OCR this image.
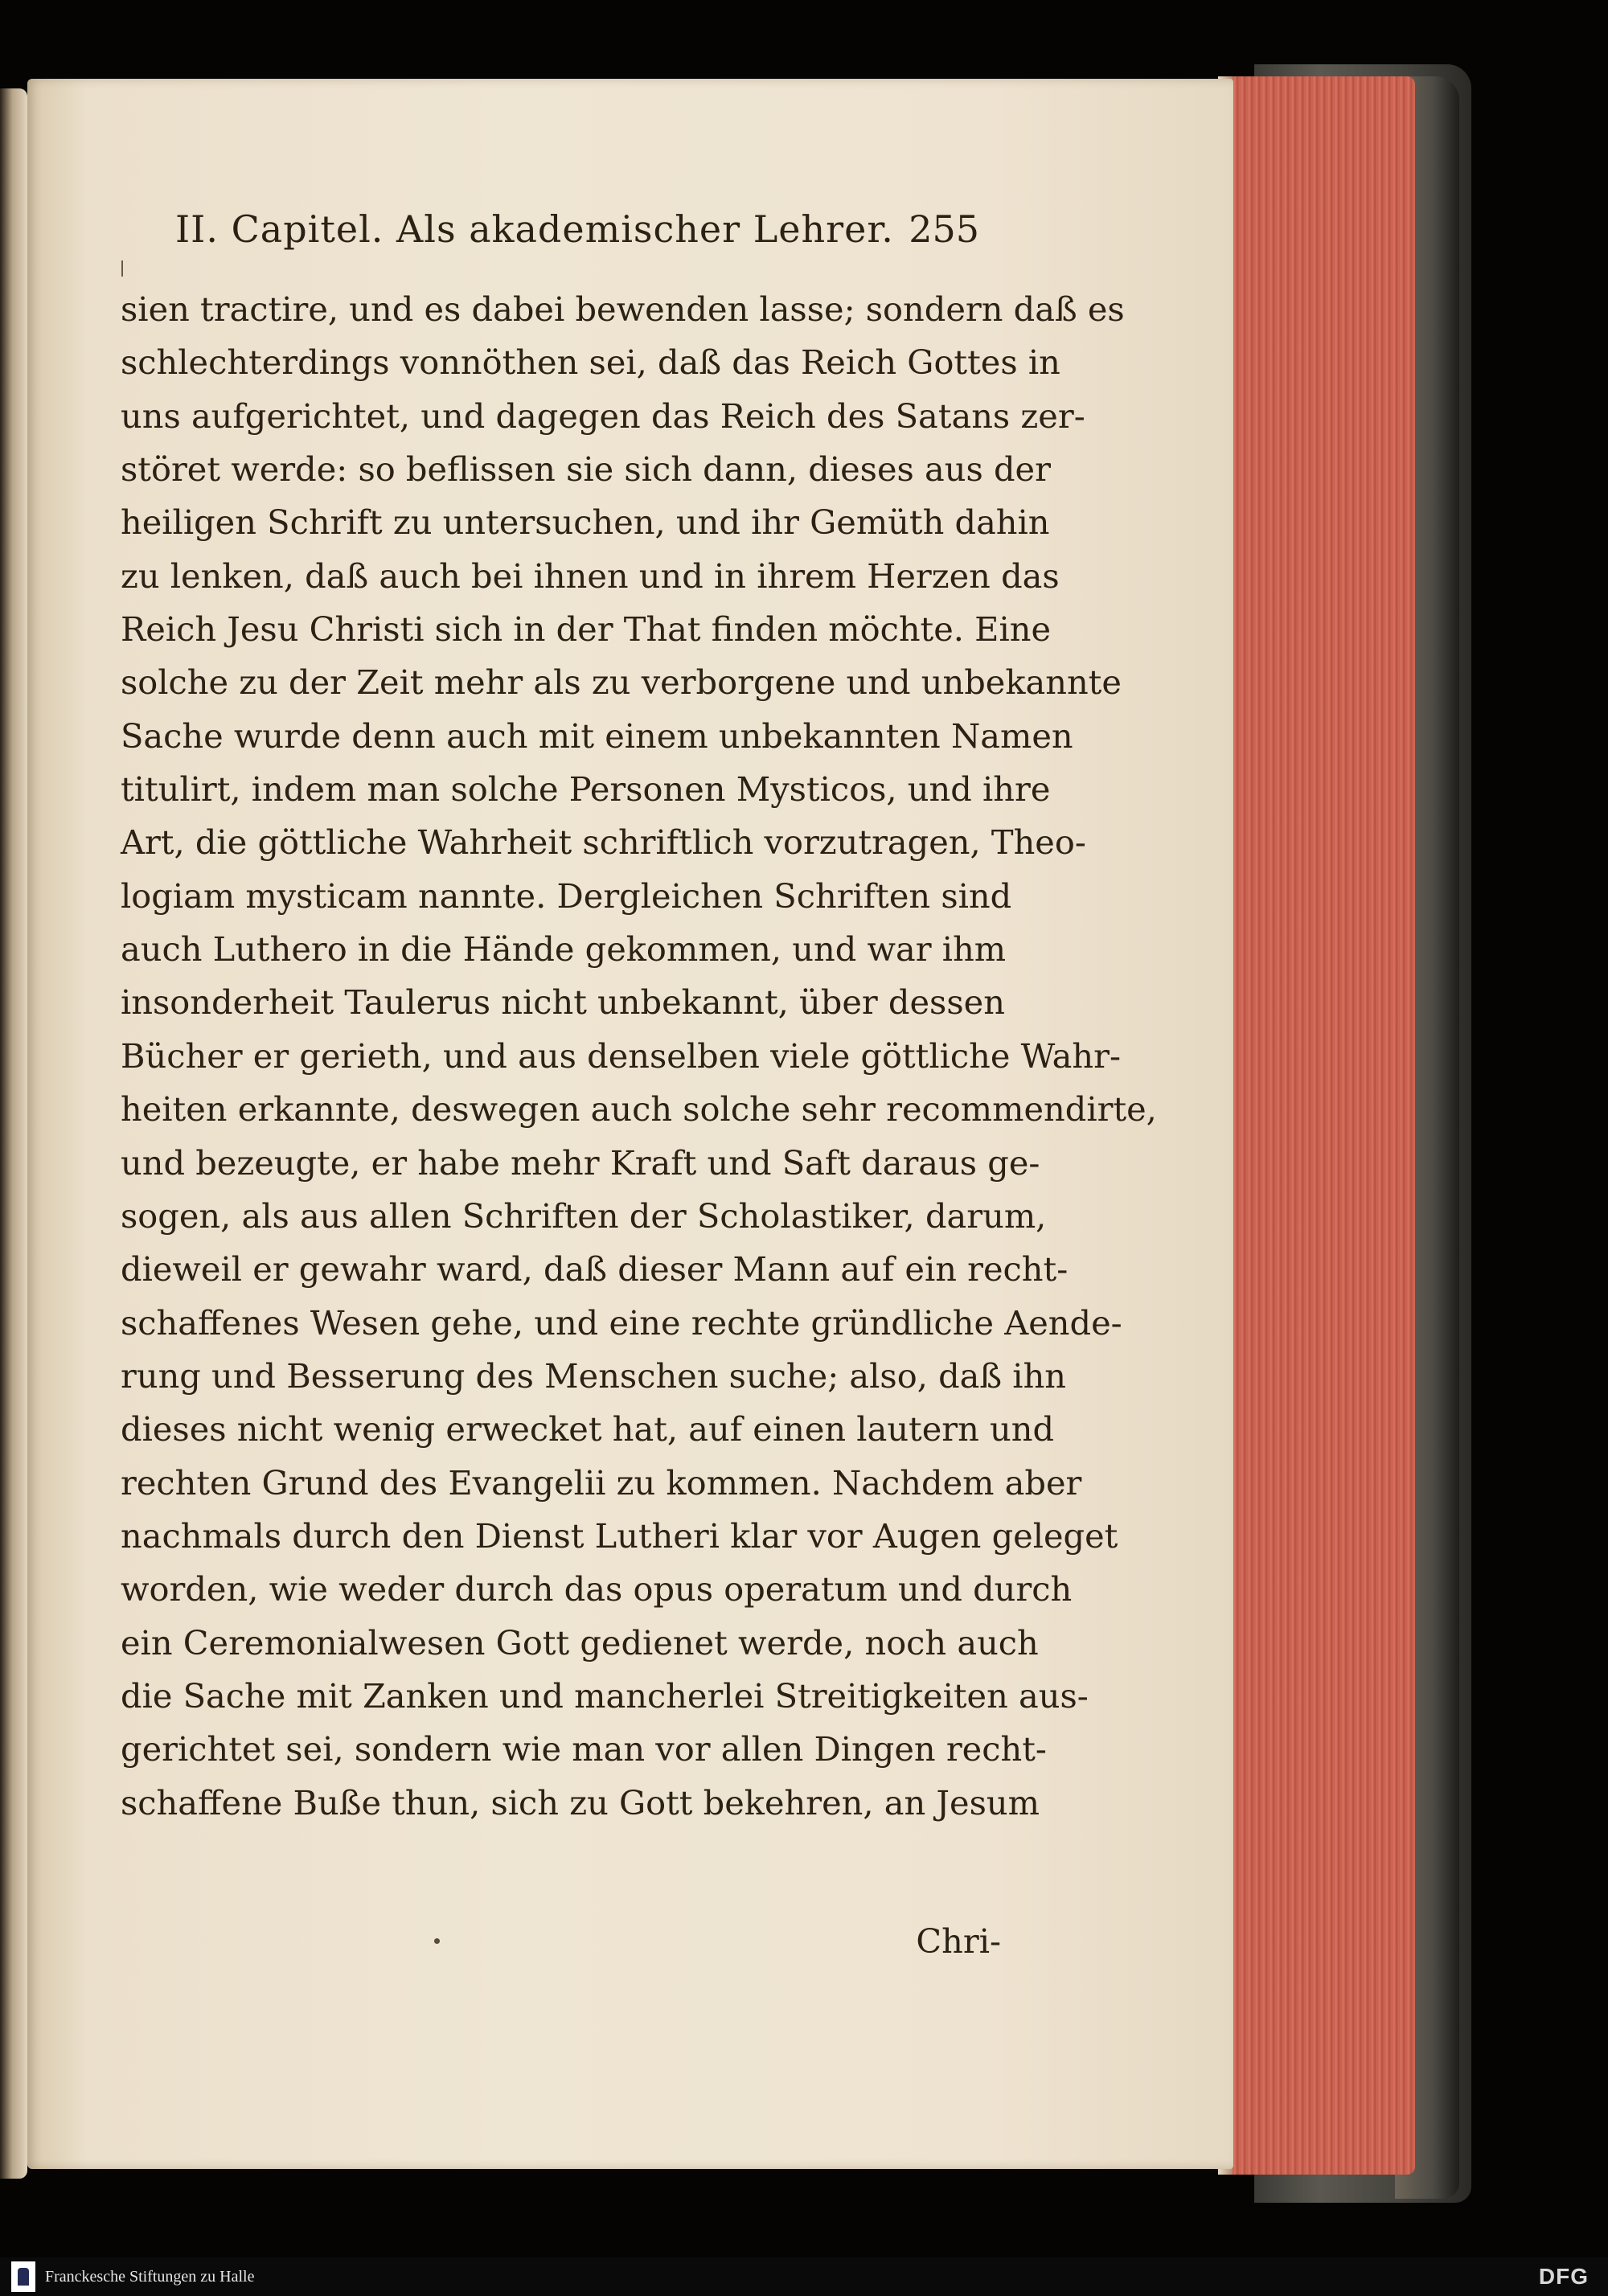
II. Capitel. Als akademischer Lehrer. 255
sien tractire, und es dabei bewenden lasse; sondern daß es
schlechterdings vonnöthen sei, daß das Reich Gottes in
uns aufgerichtet, und dagegen das Reich des Satans zer-
störet werde: so beflissen sie sich dann, dieses aus der
heiligen Schrift zu untersuchen, und ihr Gemüth dahin
zu lenken, daß auch bei ihnen und in ihrem Herzen das
Reich Jesu Christi sich in der That finden möchte. Eine
solche zu der Zeit mehr als zu verborgene und unbekannte
Sache wurde denn auch mit einem unbekannten Namen
titulirt, indem man solche Personen Mysticos, und ihre
Art, die göttliche Wahrheit schriftlich vorzutragen, Theo-
logiam mysticam nannte. Dergleichen Schriften sind
auch Luthero in die Hände gekommen, und war ihm
insonderheit Taulerus nicht unbekannt, über dessen
Bücher er gerieth, und aus denselben viele göttliche Wahr-
heiten erkannte, deswegen auch solche sehr recommendirte,
und bezeugte, er habe mehr Kraft und Saft daraus ge-
sogen, als aus allen Schriften der Scholastiker, darum,
dieweil er gewahr ward, daß dieser Mann auf ein recht-
schaffenes Wesen gehe, und eine rechte gründliche Aende-
rung und Besserung des Menschen suche; also, daß ihn
dieses nicht wenig erwecket hat, auf einen lautern und
rechten Grund des Evangelii zu kommen. Nachdem aber
nachmals durch den Dienst Lutheri klar vor Augen geleget
worden, wie weder durch das opus operatum und durch
ein Ceremonialwesen Gott gedienet werde, noch auch
die Sache mit Zanken und mancherlei Streitigkeiten aus-
gerichtet sei, sondern wie man vor allen Dingen recht-
schaffene Buße thun, sich zu Gott bekehren, an Jesum
Chri-
Franckesche Stiftungen zu Halle	DFG
